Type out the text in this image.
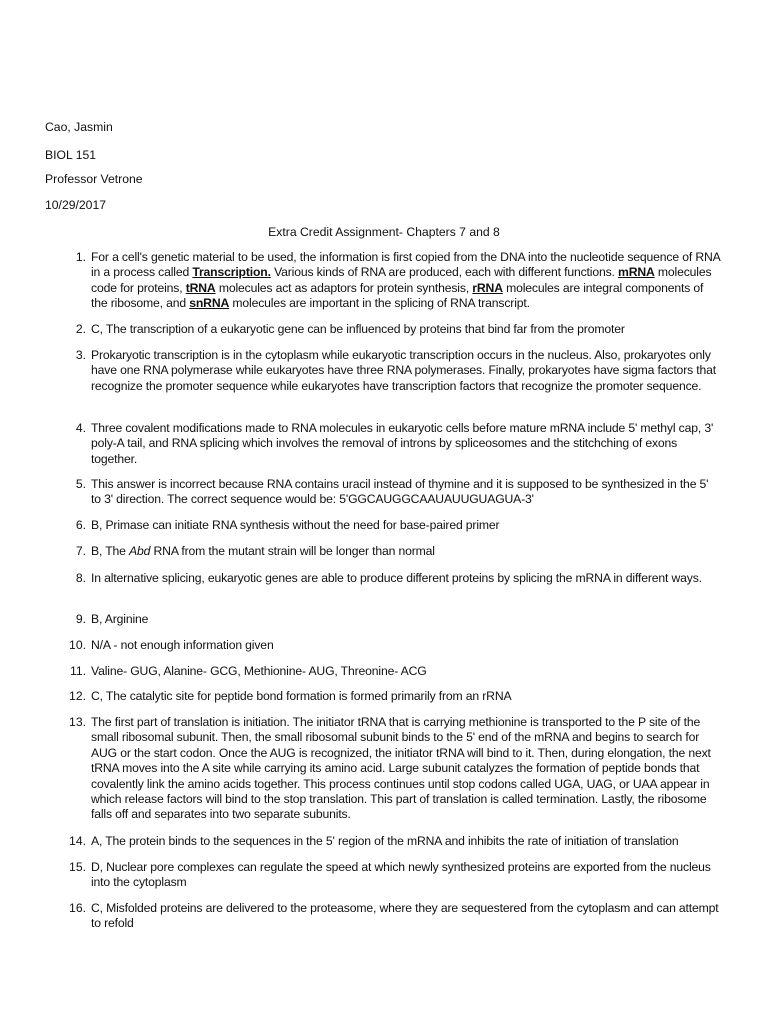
Cao, Jasmin

BIOL 151

Professor Vetrone

10/29/2017

Extra Credit Assignment- Chapters 7 and 8

1. For a cell's genetic material to be used, the information is first copied from the DNA into the nucleotide sequence of RNA in a process called Transcription. Various kinds of RNA are produced, each with different functions. mRNA molecules code for proteins, tRNA molecules act as adaptors for protein synthesis, rRNA molecules are integral components of the ribosome, and snRNA molecules are important in the splicing of RNA transcript.
2. C, The transcription of a eukaryotic gene can be influenced by proteins that bind far from the promoter
3. Prokaryotic transcription is in the cytoplasm while eukaryotic transcription occurs in the nucleus. Also, prokaryotes only have one RNA polymerase while eukaryotes have three RNA polymerases. Finally, prokaryotes have sigma factors that recognize the promoter sequence while eukaryotes have transcription factors that recognize the promoter sequence.
4. Three covalent modifications made to RNA molecules in eukaryotic cells before mature mRNA include 5' methyl cap, 3' poly-A tail, and RNA splicing which involves the removal of introns by spliceosomes and the stitchching of exons together.
5. This answer is incorrect because RNA contains uracil instead of thymine and it is supposed to be synthesized in the 5' to 3' direction. The correct sequence would be: 5'GGCAUGGCAAUAUUGUAGUA-3'
6. B, Primase can initiate RNA synthesis without the need for base-paired primer
7. B, The Abd RNA from the mutant strain will be longer than normal
8. In alternative splicing, eukaryotic genes are able to produce different proteins by splicing the mRNA in different ways.
9. B, Arginine
10. N/A - not enough information given
11. Valine- GUG, Alanine- GCG, Methionine- AUG, Threonine- ACG
12. C, The catalytic site for peptide bond formation is formed primarily from an rRNA
13. The first part of translation is initiation. The initiator tRNA that is carrying methionine is transported to the P site of the small ribosomal subunit. Then, the small ribosomal subunit binds to the 5' end of the mRNA and begins to search for AUG or the start codon. Once the AUG is recognized, the initiator tRNA will bind to it. Then, during elongation, the next tRNA moves into the A site while carrying its amino acid. Large subunit catalyzes the formation of peptide bonds that covalently link the amino acids together. This process continues until stop codons called UGA, UAG, or UAA appear in which release factors will bind to the stop translation. This part of translation is called termination. Lastly, the ribosome falls off and separates into two separate subunits.
14. A, The protein binds to the sequences in the 5' region of the mRNA and inhibits the rate of initiation of translation
15. D, Nuclear pore complexes can regulate the speed at which newly synthesized proteins are exported from the nucleus into the cytoplasm
16. C, Misfolded proteins are delivered to the proteasome, where they are sequestered from the cytoplasm and can attempt to refold
